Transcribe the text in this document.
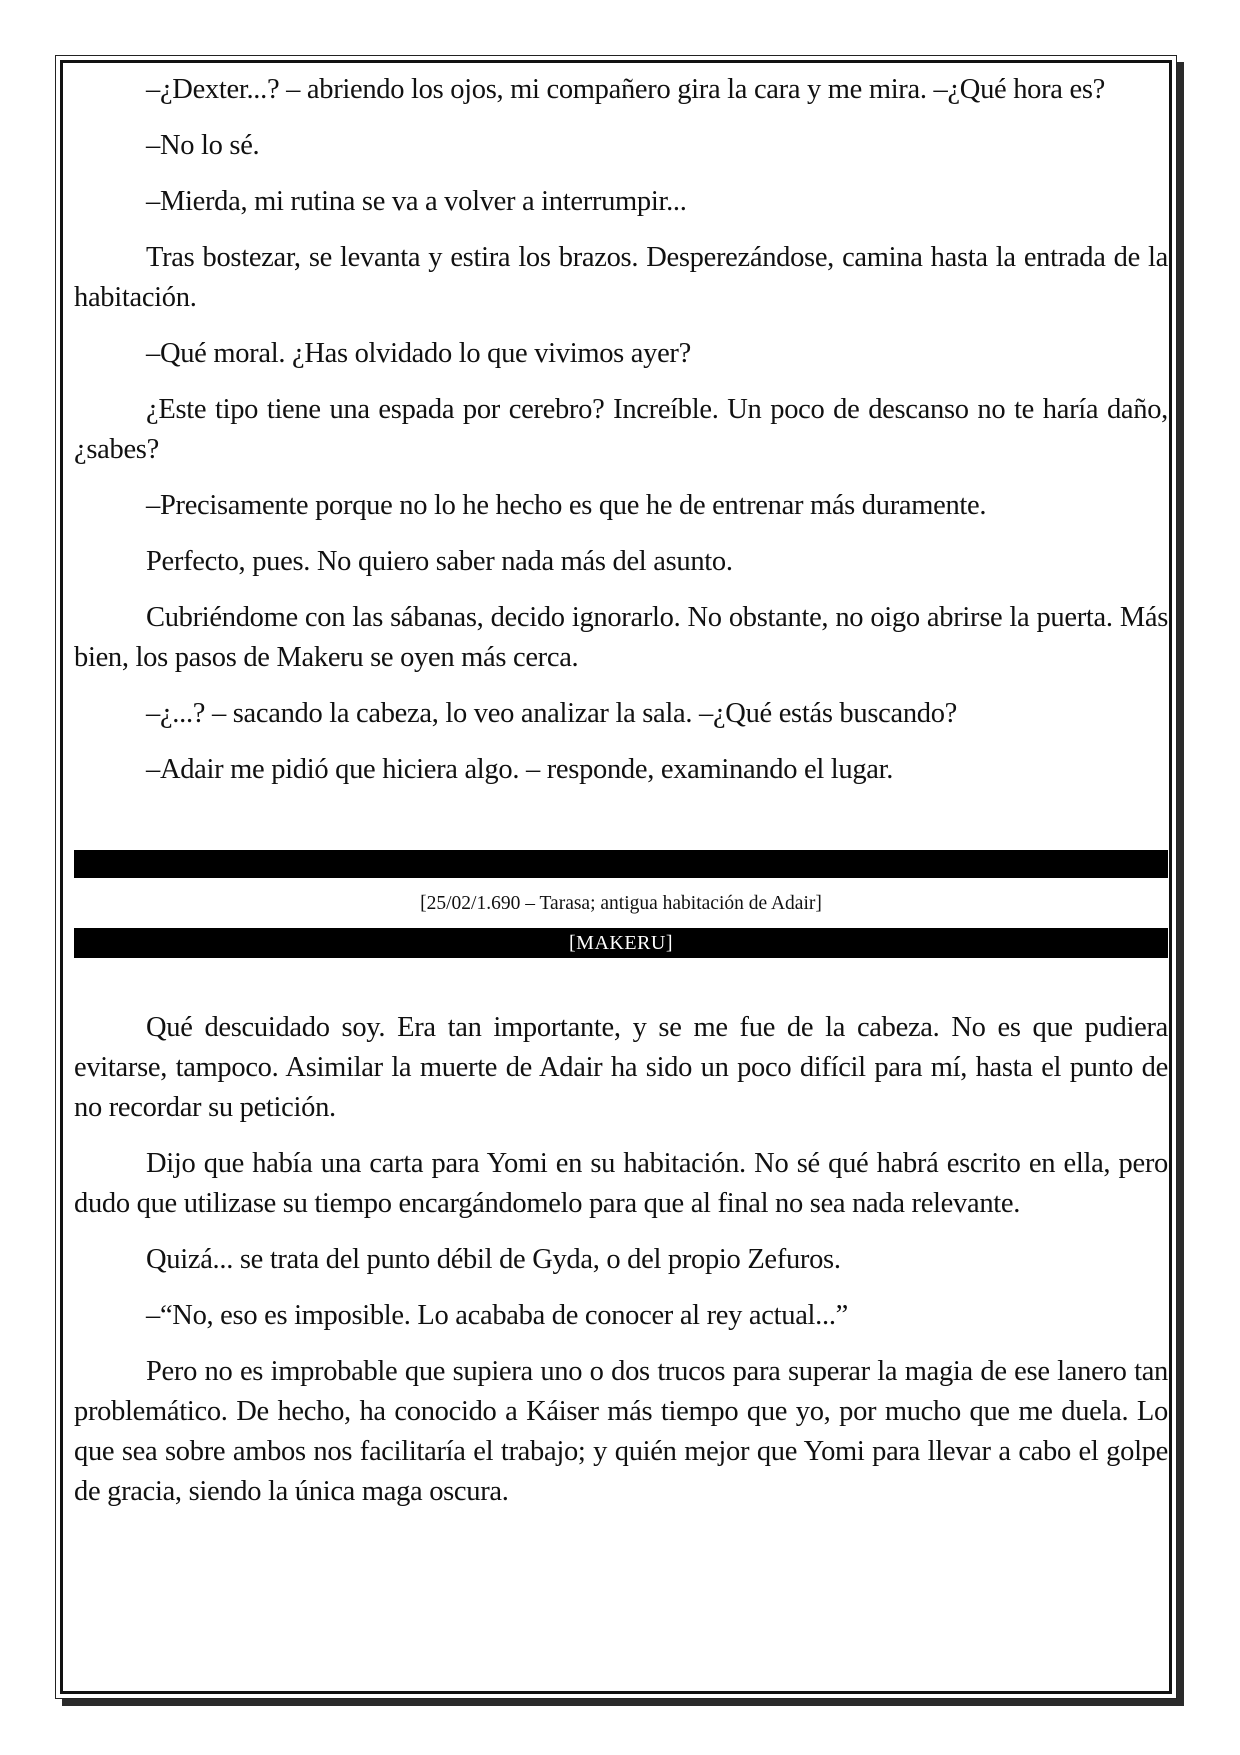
–¿Dexter...? – abriendo los ojos, mi compañero gira la cara y me mira. –¿Qué hora es?

–No lo sé.

–Mierda, mi rutina se va a volver a interrumpir...

Tras bostezar, se levanta y estira los brazos. Desperezándose, camina hasta la entrada de la habitación.

–Qué moral. ¿Has olvidado lo que vivimos ayer?

¿Este tipo tiene una espada por cerebro? Increíble. Un poco de descanso no te haría daño, ¿sabes?

–Precisamente porque no lo he hecho es que he de entrenar más duramente.

Perfecto, pues. No quiero saber nada más del asunto.

Cubriéndome con las sábanas, decido ignorarlo. No obstante, no oigo abrirse la puerta. Más bien, los pasos de Makeru se oyen más cerca.

–¿...? – sacando la cabeza, lo veo analizar la sala. –¿Qué estás buscando?

–Adair me pidió que hiciera algo. – responde, examinando el lugar.

[25/02/1.690 – Tarasa; antigua habitación de Adair]
[MAKERU]

Qué descuidado soy. Era tan importante, y se me fue de la cabeza. No es que pudiera evitarse, tampoco. Asimilar la muerte de Adair ha sido un poco difícil para mí, hasta el punto de no recordar su petición.

Dijo que había una carta para Yomi en su habitación. No sé qué habrá escrito en ella, pero dudo que utilizase su tiempo encargándomelo para que al final no sea nada relevante.

Quizá... se trata del punto débil de Gyda, o del propio Zefuros.

–“No, eso es imposible. Lo acababa de conocer al rey actual...”

Pero no es improbable que supiera uno o dos trucos para superar la magia de ese lanero tan problemático. De hecho, ha conocido a Káiser más tiempo que yo, por mucho que me duela. Lo que sea sobre ambos nos facilitaría el trabajo; y quién mejor que Yomi para llevar a cabo el golpe de gracia, siendo la única maga oscura.
